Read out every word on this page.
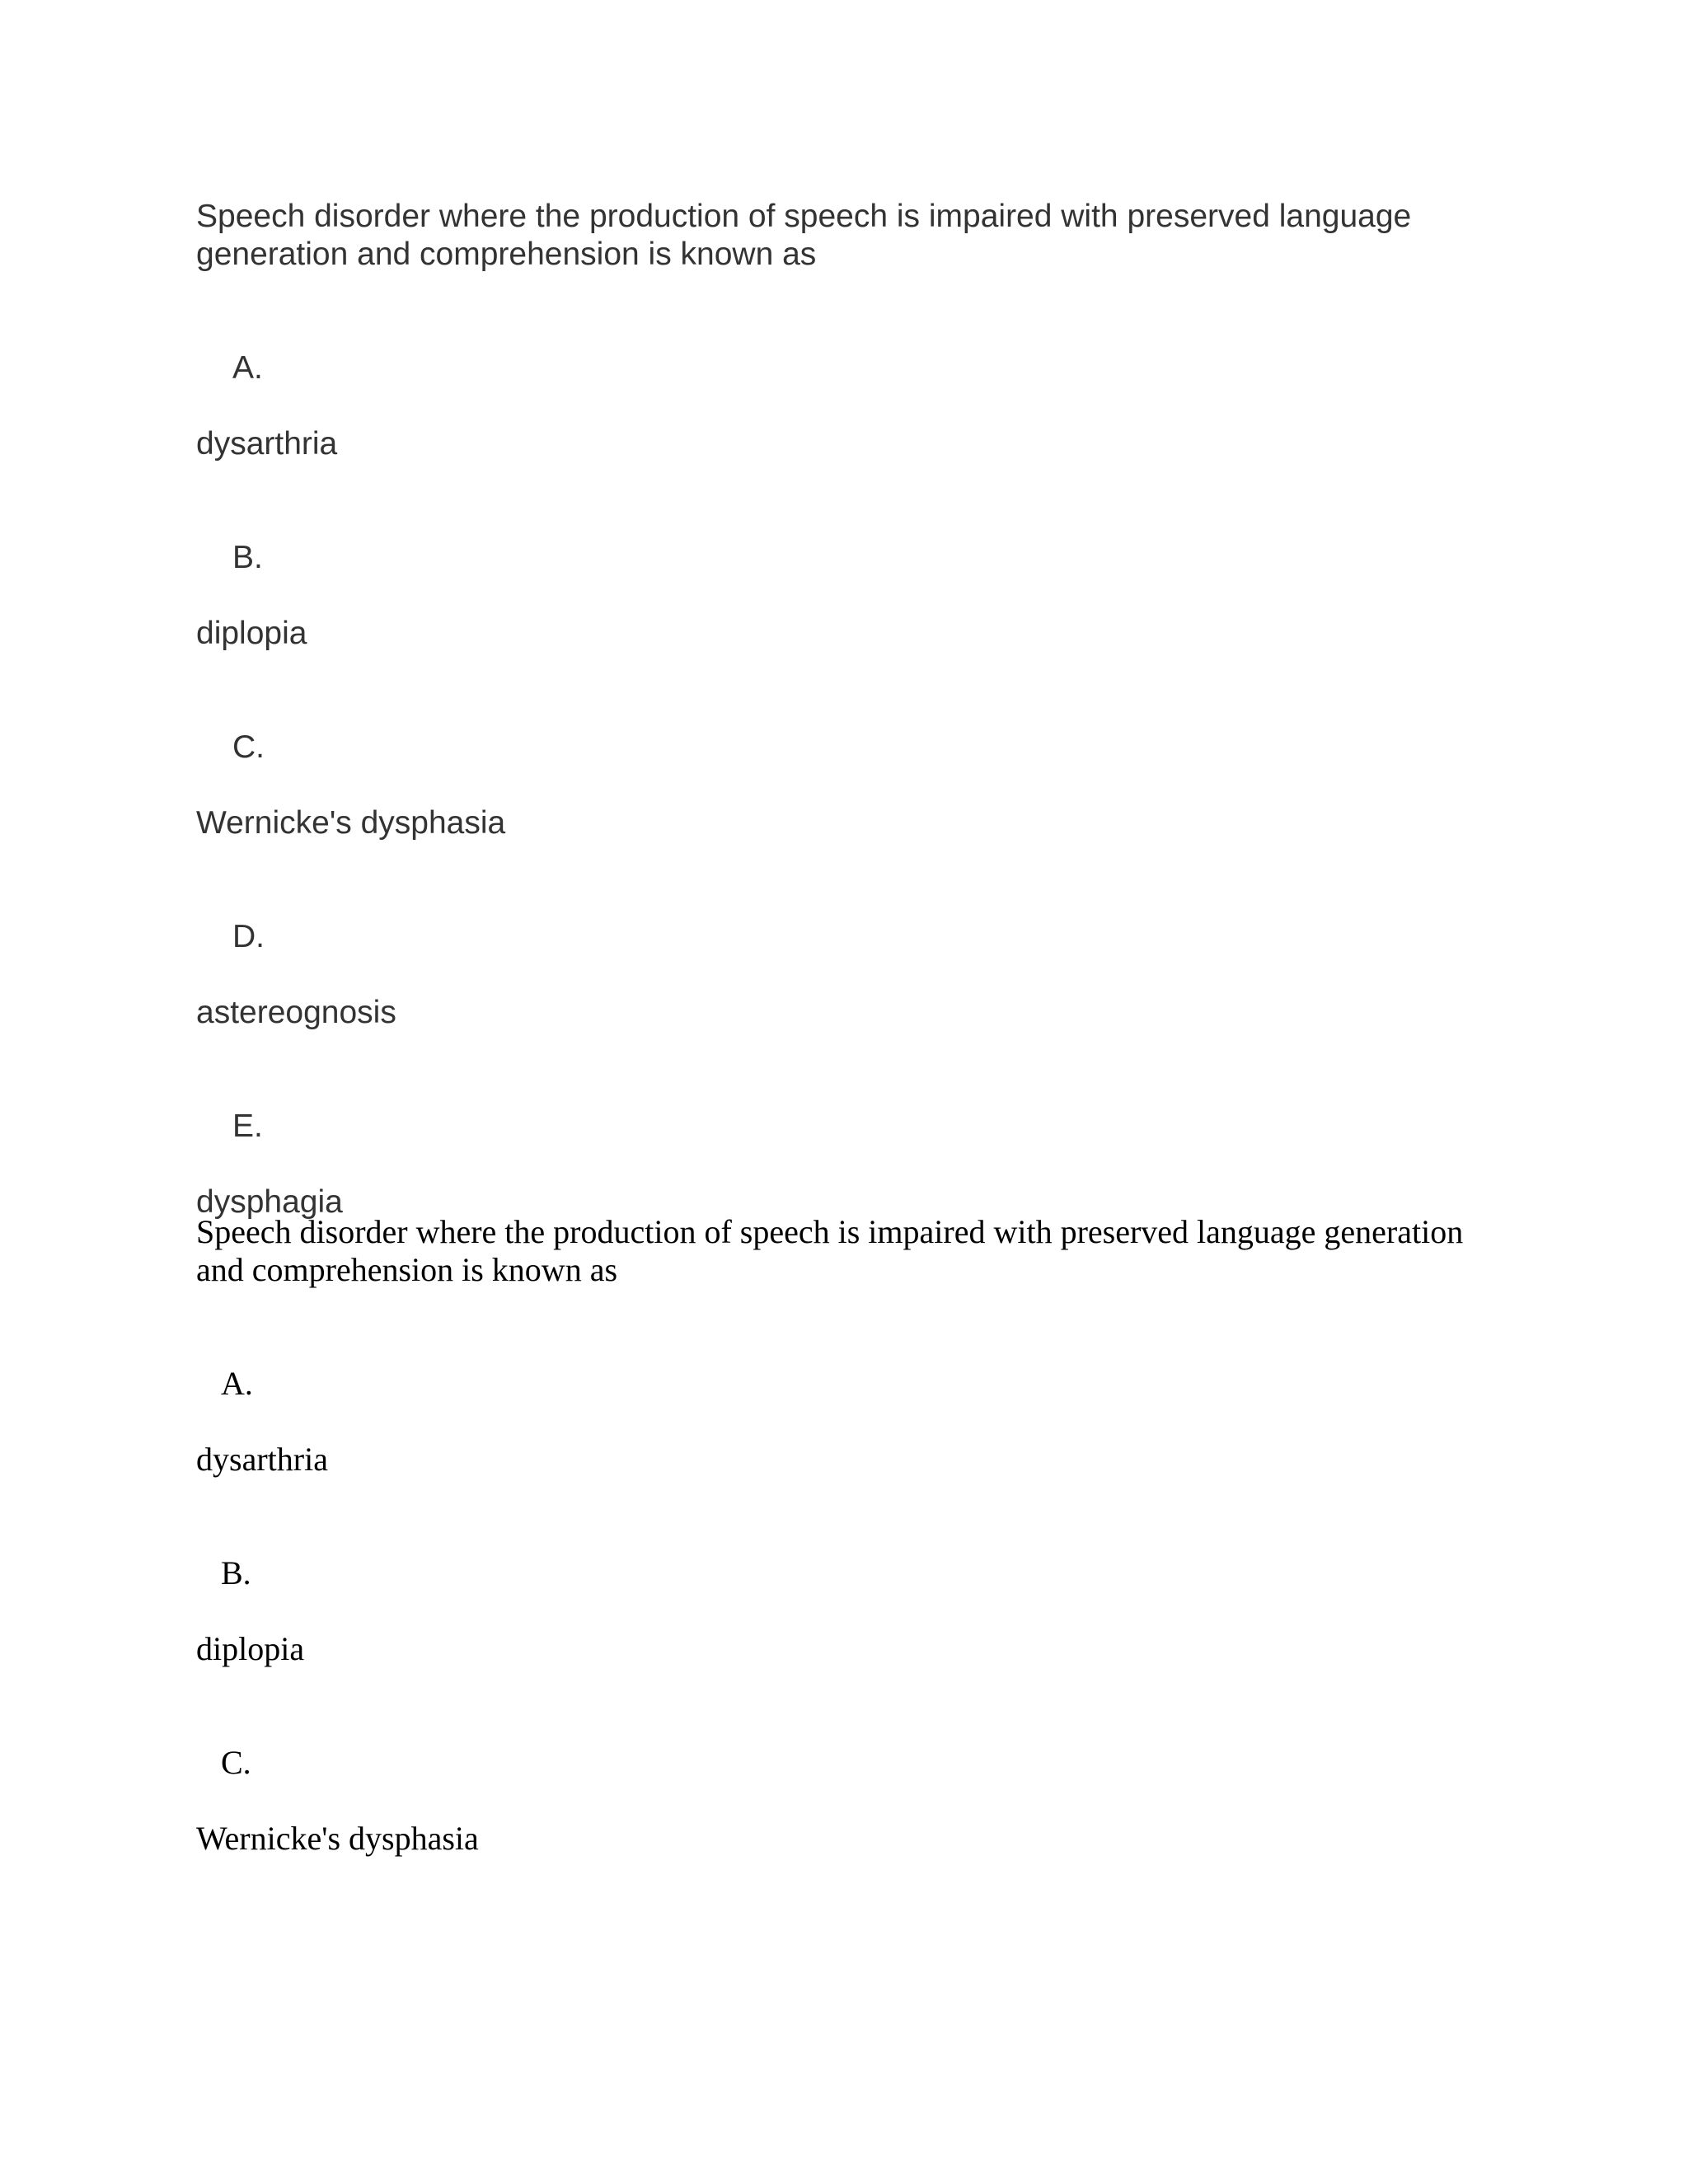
Speech disorder where the production of speech is impaired with preserved language
generation and comprehension is known as

A.

dysarthria

B.

diplopia

C.

Wernicke's dysphasia

D.

astereognosis

E.

dysphagia

Speech disorder where the production of speech is impaired with preserved language generation
and comprehension is known as

A.

dysarthria

B.

diplopia

C.

Wernicke's dysphasia
